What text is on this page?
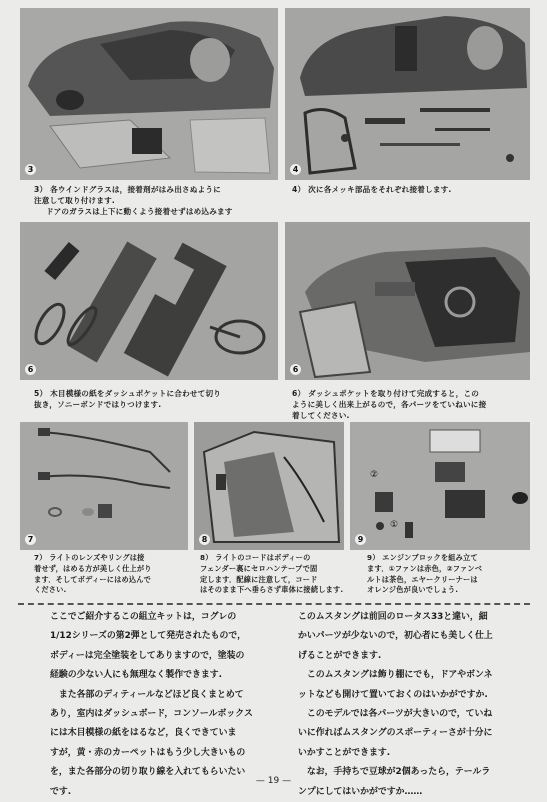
3	4
3） 各ウインドグラスは，接着剤がはみ出さぬように
注意して取り付けます.
ドアのガラスは上下に動くよう接着せずはめ込みます
4） 次に各メッキ部品をそれぞれ接着します.
6	6
5） 木目模様の紙をダッシュポケットに合わせて切り
抜き，ソニーボンドではりつけます.
6） ダッシュポケットを取り付けて完成すると，この
ように美しく出来上がるので，各パーツをていねいに接
着してください.
7	8
②
①
9
7） ライトのレンズやリングは接
着せず，はめる方が美しく仕上がり
ます．そしてボディーにはめ込んで
ください.
8） ライトのコードはボディーの
フェンダー裏にセロハンテープで固
定します．配線に注意して，コード
はそのまま下へ垂らさず車体に接続します.
9） エンジンブロックを組み立て
ます．①ファンは赤色，②ファンベ
ルトは茶色，エヤークリーナーは
オレンジ色が良いでしょう.

ここでご紹介するこの組立キットは，コグレの

1/12シリーズの第2弾として発売されたもので，

ボディーは完全塗装をしてありますので，塗装の

経験の少ない人にも無理なく製作できます.

　また各部のディティールなどほど良くまとめて

あり，室内はダッシュボード，コンソールボックス

には木目模様の紙をはるなど，良くできていま

すが，黄・赤のカーペットはもう少し大きいもの

を，また各部分の切り取り線を入れてもらいたい

です.

このムスタングは前回のロータス33と違い，細

かいパーツが少ないので，初心者にも美しく仕上

げることができます.

　このムスタングは飾り棚にでも，ドアやボンネ

ットなども開けて置いておくのはいかがですか.

　このモデルでは各パーツが大きいので，ていね

いに作ればムスタングのスポーティーさが十分に

いかすことができます.

　なお，手持ちで豆球が2個あったら，テールラ

ンプにしてはいかがですか……

— 19 —
